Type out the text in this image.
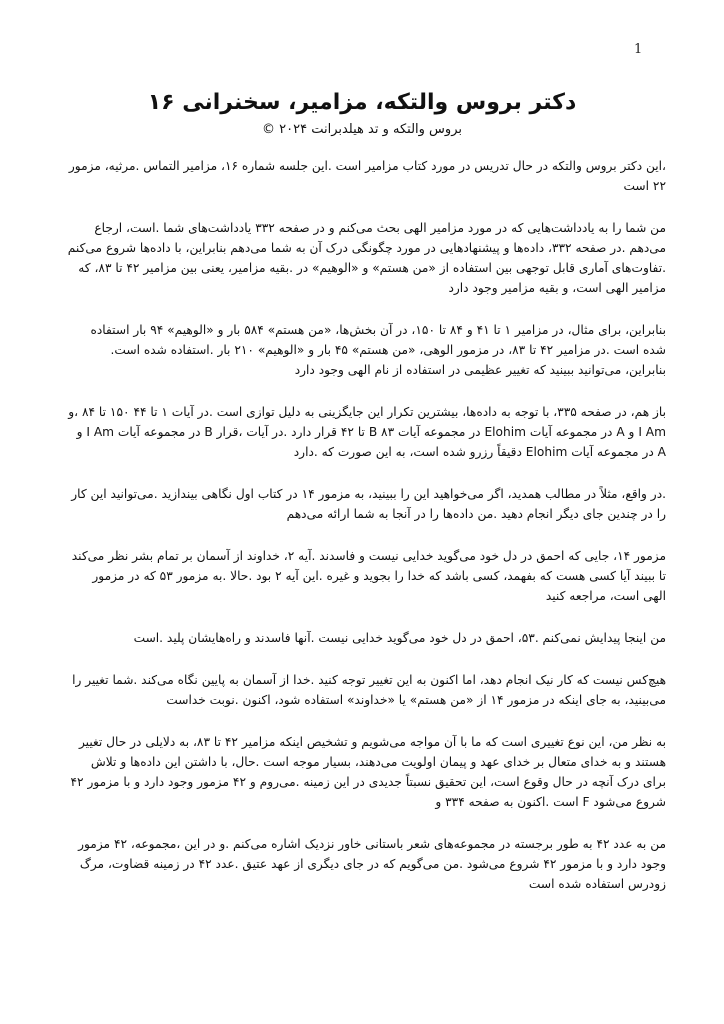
1
دکتر بروس والتکه، مزامیر، سخنرانی ۱۶

بروس والتکه و تد هیلدبرانت ۲۰۲۴ ©

،این دکتر بروس والتکه در حال تدریس در مورد کتاب مزامیر است .این جلسه شماره ۱۶، مزامیر التماس .مرثیه، مزمور ۲۲ است

من شما را به یادداشت‌هایی که در مورد مزامیر الهی بحث می‌کنم و در صفحه ۳۳۲ یادداشت‌های شما .است، ارجاع می‌دهم .در صفحه ۳۳۲، داده‌ها و پیشنهادهایی در مورد چگونگی درک آن به شما می‌دهم بنابراین، با داده‌ها شروع می‌کنم .تفاوت‌های آماری قابل توجهی بین استفاده از «من هستم» و «الوهیم» در .بقیه مزامیر، یعنی بین مزامیر ۴۲ تا ۸۳، که مزامیر الهی است، و بقیه مزامیر وجود دارد

بنابراین، برای مثال، در مزامیر ۱ تا ۴۱ و ۸۴ تا ۱۵۰، در آن بخش‌ها، «من هستم» ۵۸۴ بار و «الوهیم» ۹۴ بار استفاده شده است .در مزامیر ۴۲ تا ۸۳، در مزمور الوهی، «من هستم» ۴۵ بار و «الوهیم» ۲۱۰ بار .استفاده شده است. بنابراین، می‌توانید ببینید که تغییر عظیمی در استفاده از نام الهی وجود دارد

باز هم، در صفحه ۳۳۵، با توجه به داده‌ها، بیشترین تکرار این جایگزینی به دلیل توازی است .در آیات ۱ تا ۴۴ ۱۵۰ تا ۸۴ ،و I Am و A در مجموعه آیات Elohim در مجموعه آیات B ۸۳ تا ۴۲ قرار دارد .در آیات ،قرار B در مجموعه آیات I Am و A در مجموعه آیات Elohim دقیقاً رزرو شده است، به این صورت که .دارد

.در واقع، مثلاً در مطالب همدید، اگر می‌خواهید این را ببینید، به مزمور ۱۴ در کتاب اول نگاهی بیندازید .می‌توانید این کار را در چندین جای دیگر انجام دهید .من داده‌ها را در آنجا به شما ارائه می‌دهم

مزمور ۱۴، جایی که احمق در دل خود می‌گوید خدایی نیست و فاسدند .آیه ۲، خداوند از آسمان بر تمام بشر نظر می‌کند تا ببیند آیا کسی هست که بفهمد، کسی باشد که خدا را بجوید و غیره .این آیه ۲ بود .حالا .به مزمور ۵۳ که در مزمور الهی است، مراجعه کنید

من اینجا پیدایش نمی‌کنم .۵۳، احمق در دل خود می‌گوید خدایی نیست .آنها فاسدند و راه‌هایشان پلید .است

هیچ‌کس نیست که کار نیک انجام دهد، اما اکنون به این تغییر توجه کنید .خدا از آسمان به پایین نگاه می‌کند .شما تغییر را می‌بینید، به جای اینکه در مزمور ۱۴ از «من هستم» یا «خداوند» استفاده شود، اکنون .نوبت خداست

به نظر من، این نوع تغییری است که ما با آن مواجه می‌شویم و تشخیص اینکه مزامیر ۴۲ تا ۸۳، به دلایلی در حال تغییر هستند و به خدای متعال بر خدای عهد و پیمان اولویت می‌دهند، بسیار موجه است .حال، با داشتن این داده‌ها و تلاش برای درک آنچه در حال وقوع است، این تحقیق نسبتاً جدیدی در این زمینه .می‌روم و ۴۲ مزمور وجود دارد و با مزمور ۴۲ شروع می‌شود F است .اکنون به صفحه ۳۳۴ و

من به عدد ۴۲ به طور برجسته در مجموعه‌های شعر باستانی خاور نزدیک اشاره می‌کنم .و در این ،مجموعه، ۴۲ مزمور وجود دارد و با مزمور ۴۲ شروع می‌شود .من می‌گویم که در جای دیگری از عهد عتیق .عدد ۴۲ در زمینه قضاوت، مرگ زودرس استفاده شده است
